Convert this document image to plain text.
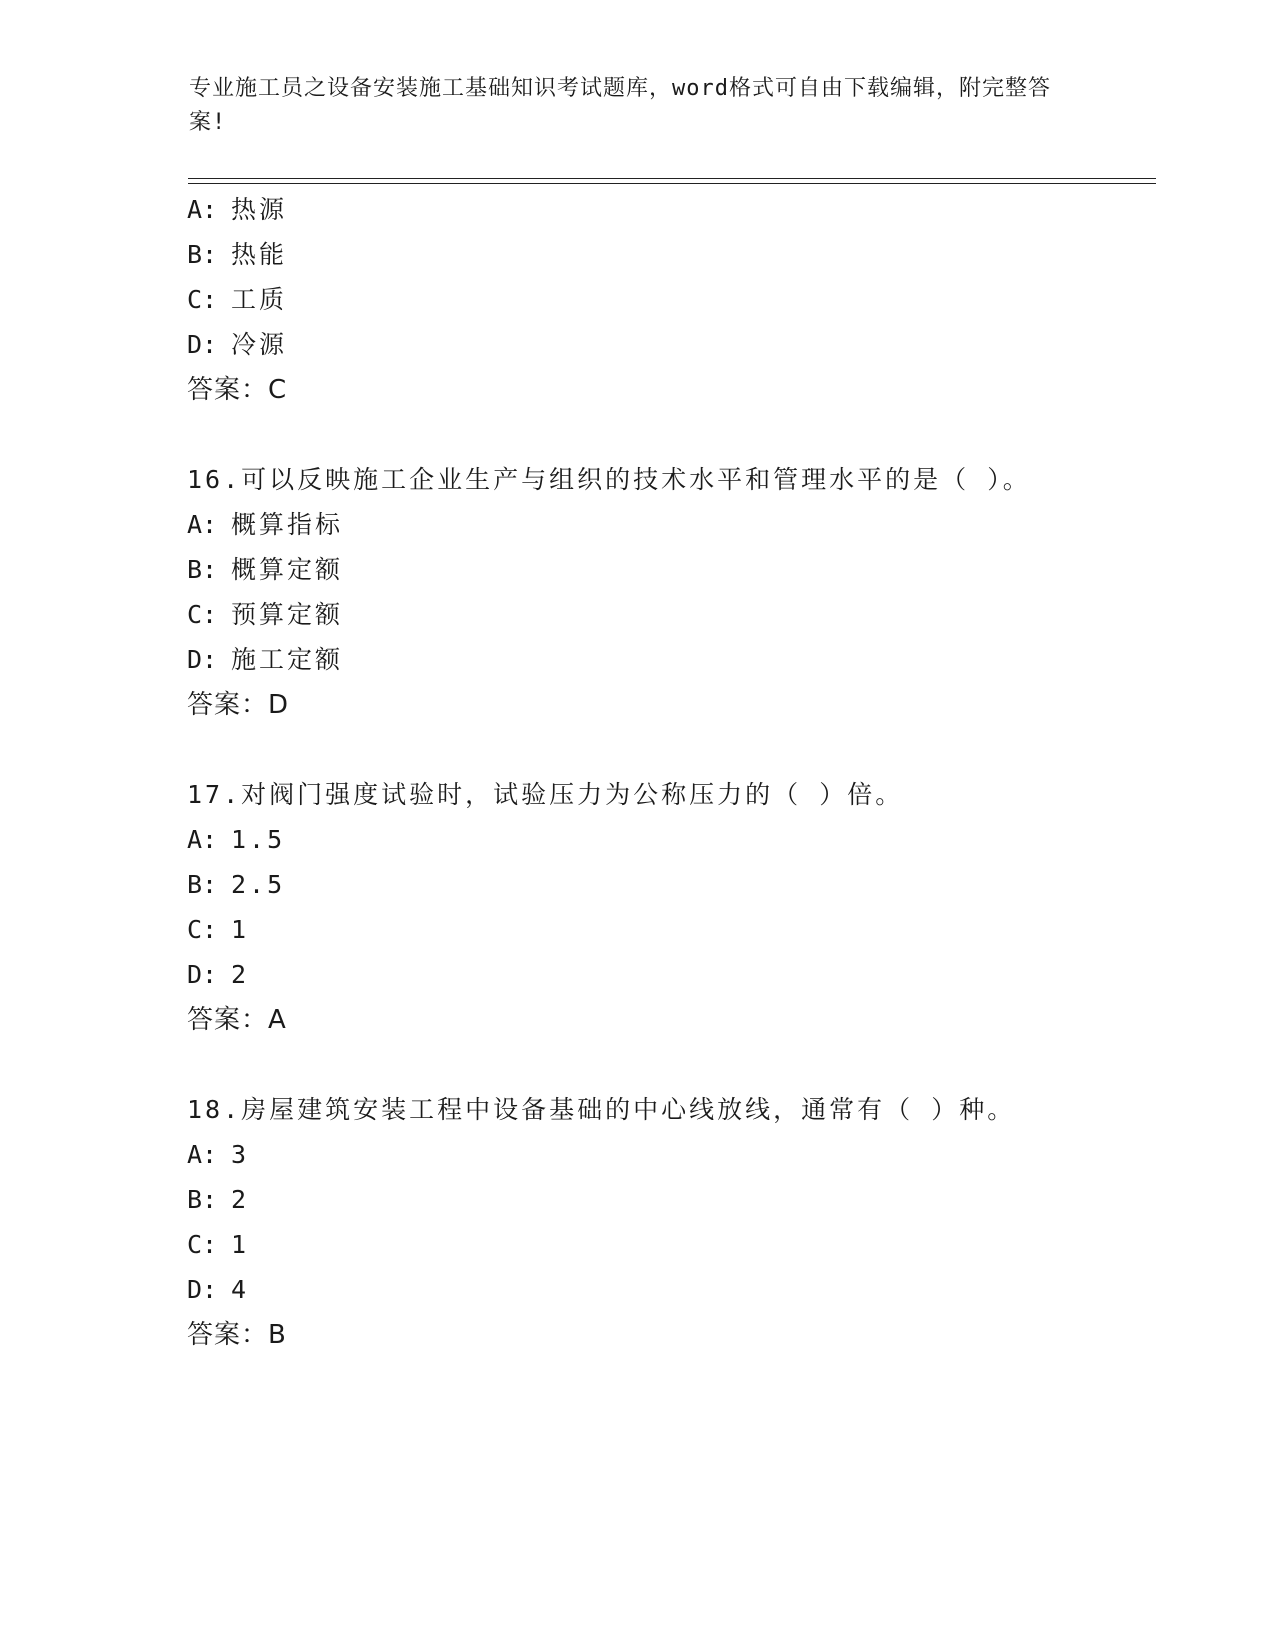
专业施工员之设备安装施工基础知识考试题库，word格式可自由下载编辑，附完整答案!
A: 热源
B: 热能
C: 工质
D: 冷源
答案：C
16.可以反映施工企业生产与组织的技术水平和管理水平的是（ ）。
A: 概算指标
B: 概算定额
C: 预算定额
D: 施工定额
答案：D
17.对阀门强度试验时，试验压力为公称压力的（ ）倍。
A: 1.5
B: 2.5
C: 1
D: 2
答案：A
18.房屋建筑安装工程中设备基础的中心线放线，通常有（ ）种。
A: 3
B: 2
C: 1
D: 4
答案：B
